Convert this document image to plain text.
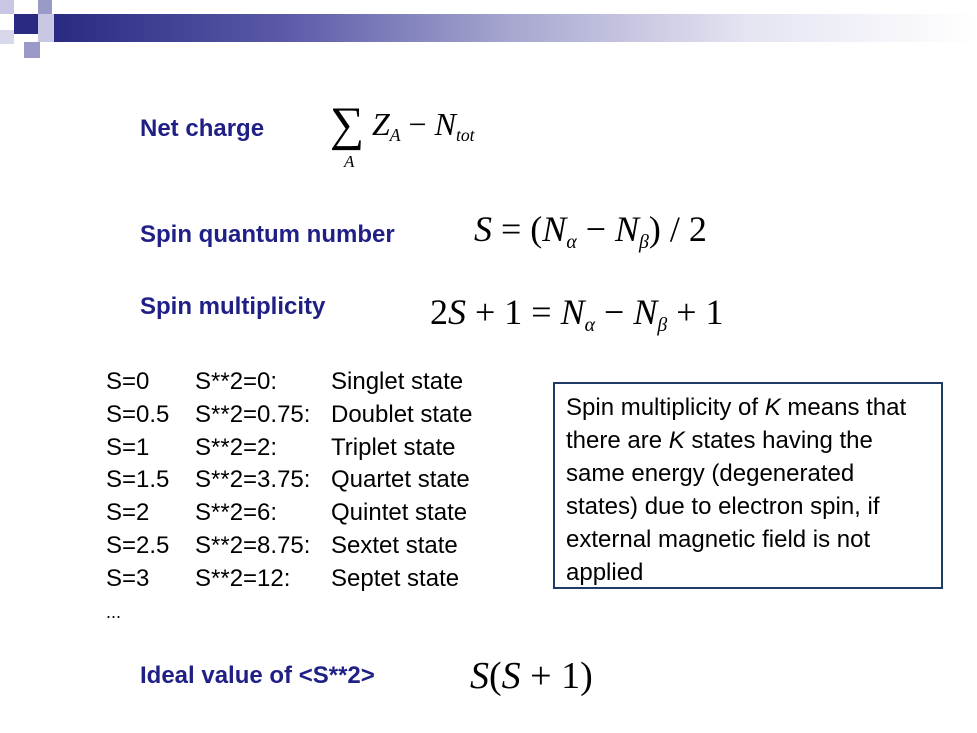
Net charge ∑
A
$Z_A - N_{tot}$
Spin quantum number $S = (N_\alpha - N_\beta) / 2$
Spin multiplicity	$2S + 1 = N_\alpha - N_\beta + 1$
S=0 S**2=0: Singlet state
S=0.5 S**2=0.75: Doublet state
S=1 S**2=2: Triplet state
S=1.5 S**2=3.75: Quartet state
S=2 S**2=6: Quintet state
S=2.5 S**2=8.75: Sextet state
S=3 S**2=12: Septet state
...
Spin multiplicity of K means that there are K states having the same energy (degenerated states) due to electron spin, if external magnetic field is not applied
Ideal value of <S**2>	S(S + 1)
